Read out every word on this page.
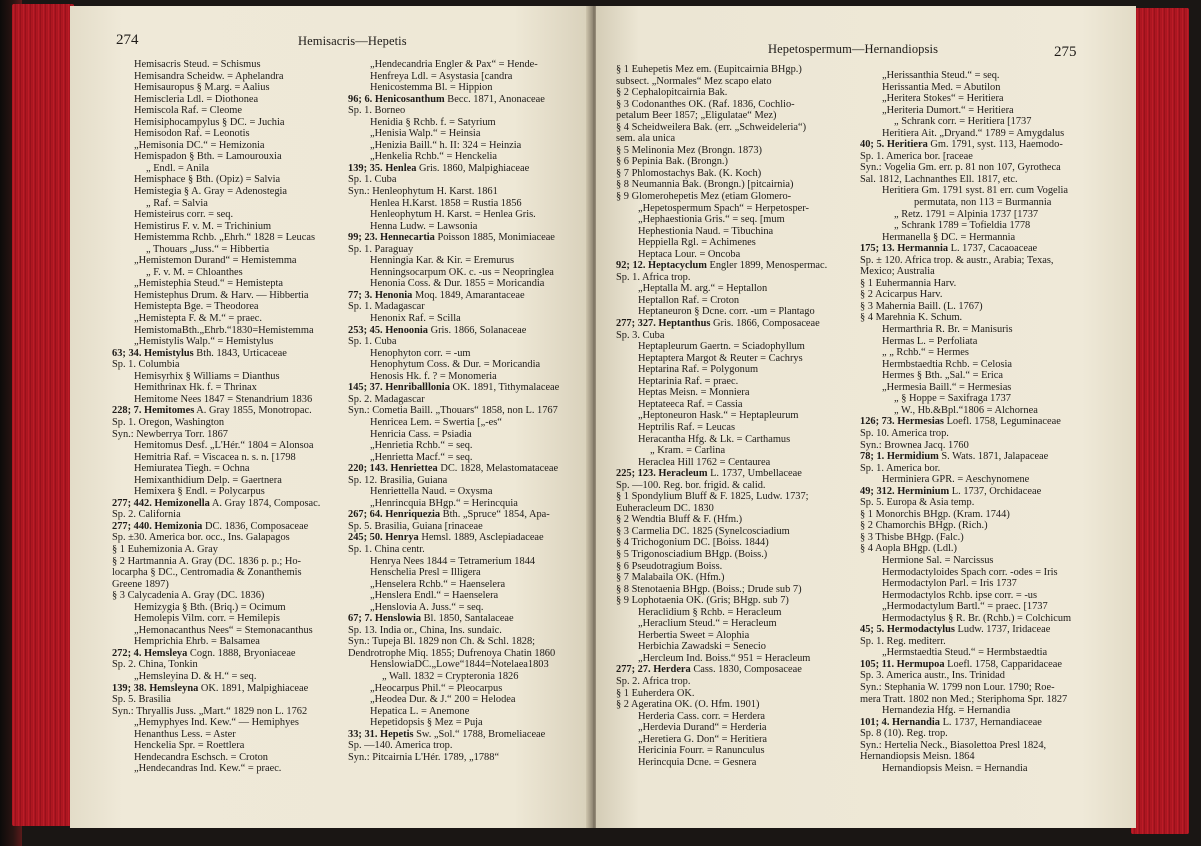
274	Hemisacris—Hepetis
Hemisacris Steud. = Schismus
Hemisandra Scheidw. = Aphelandra
Hemisauropus § M.arg. = Aalius
Hemiscleria Ldl. = Diothonea
Hemiscola Raf. = Cleome
Hemisiphocampylus § DC. = Juchia
Hemisodon Raf. = Leonotis
„Hemisonia DC.“ = Hemizonia
Hemispadon § Bth. = Lamourouxia
„ Endl. = Anila
Hemisphace § Bth. (Opiz) = Salvia
Hemistegia § A. Gray = Adenostegia
„ Raf. = Salvia
Hemisteirus corr. = seq.
Hemistirus F. v. M. = Trichinium
Hemistemma Rchb. „Ehrh.“ 1828 = Leucas
„ Thouars „Juss.“ = Hibbertia
„Hemistemon Durand“ = Hemistemma
„ F. v. M. = Chloanthes
„Hemistephia Steud.“ = Hemistepta
Hemistephus Drum. & Harv. — Hibbertia
Hemistepta Bge. = Theodorea
„Hemistepta F. & M.“ = praec.
HemistomaBth.„Ehrb.“1830=Hemistemma
„Hemistylis Walp.“ = Hemistylus
63; 34. Hemistylus Bth. 1843, Urticaceae
Sp. 1. Columbia
Hemisyrhix § Williams = Dianthus
Hemithrinax Hk. f. = Thrinax
Hemitome Nees 1847 = Stenandrium 1836
228; 7. Hemitomes A. Gray 1855, Monotropac.
Sp. 1. Oregon, Washington
Syn.: Newberrya Torr. 1867
Hemitomus Desf. „L'Hér.“ 1804 = Alonsoa
Hemitria Raf. = Viscacea n. s. n. [1798
Hemiuratea Tiegh. = Ochna
Hemixanthidium Delp. = Gaertnera
Hemixera § Endl. = Polycarpus
277; 442. Hemizonella A. Gray 1874, Composac.
Sp. 2. California
277; 440. Hemizonia DC. 1836, Composaceae
Sp. ±30. America bor. occ., Ins. Galapagos
§ 1 Euhemizonia A. Gray
§ 2 Hartmannia A. Gray (DC. 1836 p. p.; Ho-
locarpha § DC., Centromadia & Zonanthemis
Greene 1897)
§ 3 Calycadenia A. Gray (DC. 1836)
Hemizygia § Bth. (Briq.) = Ocimum
Hemolepis Vilm. corr. = Hemilepis
„Hemonacanthus Nees“ = Stemonacanthus
Hemprichia Ehrb. = Balsamea
272; 4. Hemsleya Cogn. 1888, Bryoniaceae
Sp. 2. China, Tonkin
„Hemsleyina D. & H.“ = seq.
139; 38. Hemsleyna OK. 1891, Malpighiaceae
Sp. 5. Brasilia
Syn.: Thryallis Juss. „Mart.“ 1829 non L. 1762
„Hemyphyes Ind. Kew.“ — Hemiphyes
Henanthus Less. = Aster
Henckelia Spr. = Roettlera
Hendecandra Eschsch. = Croton
„Hendecandras Ind. Kew.“ = praec.
„Hendecandria Engler & Pax“ = Hende-
Henfreya Ldl. = Asystasia [candra
Henicostemma Bl. = Hippion
96; 6. Henicosanthum Becc. 1871, Anonaceae
Sp. 1. Borneo
Henidia § Rchb. f. = Satyrium
„Henisia Walp.“ = Heinsia
„Henizia Baill.“ h. II: 324 = Heinzia
„Henkelia Rchb.“ = Henckelia
139; 35. Henlea Gris. 1860, Malpighiaceae
Sp. 1. Cuba
Syn.: Henleophytum H. Karst. 1861
Henlea H.Karst. 1858 = Rustia 1856
Henleophytum H. Karst. = Henlea Gris.
Henna Ludw. = Lawsonia
99; 23. Hennecartia Poisson 1885, Monimiaceae
Sp. 1. Paraguay
Henningia Kar. & Kir. = Eremurus
Henningsocarpum OK. c. -us = Neopringlea
Henonia Coss. & Dur. 1855 = Moricandia
77; 3. Henonia Moq. 1849, Amarantaceae
Sp. 1. Madagascar
Henonix Raf. = Scilla
253; 45. Henoonia Gris. 1866, Solanaceae
Sp. 1. Cuba
Henophyton corr. = -um
Henophytum Coss. & Dur. = Moricandia
Henosis Hk. f. ? = Monomeria
145; 37. Henriballlonia OK. 1891, Tithymalaceae
Sp. 2. Madagascar
Syn.: Cometia Baill. „Thouars“ 1858, non L. 1767
Henricea Lem. = Swertia [„-es“
Henricia Cass. = Psiadia
„Henrietia Rchb.“ = seq.
„Henrietta Macf.“ = seq.
220; 143. Henriettea DC. 1828, Melastomataceae
Sp. 12. Brasilia, Guiana
Henriettella Naud. = Oxysma
„Henrincquia BHgp.“ = Herincquia
267; 64. Henriquezia Bth. „Spruce“ 1854, Apa-
Sp. 5. Brasilia, Guiana [rinaceae
245; 50. Henrya Hemsl. 1889, Asclepiadaceae
Sp. 1. China centr.
Henrya Nees 1844 = Tetramerium 1844
Henschelia Presl = Illigera
„Henselera Rchb.“ = Haenselera
„Henslera Endl.“ = Haenselera
„Henslovia A. Juss.“ = seq.
67; 7. Henslowia Bl. 1850, Santalaceae
Sp. 13. India or., China, Ins. sundaic.
Syn.: Tupeja Bl. 1829 non Ch. & Schl. 1828;
Dendrotrophe Miq. 1855; Dufrenoya Chatin 1860
HenslowiaDC.„Lowe“1844=Notelaea1803
„ Wall. 1832 = Crypteronia 1826
„Heocarpus Phil.“ = Pleocarpus
„Heodea Dur. & J.“ 200 = Helodea
Hepatica L. = Anemone
Hepetidopsis § Mez = Puja
33; 31. Hepetis Sw. „Sol.“ 1788, Bromeliaceae
Sp. —140. America trop.
Syn.: Pitcairnia L'Hér. 1789, „1788“
Hepetospermum—Hernandiopsis	275
§ 1 Euhepetis Mez em. (Eupitcairnia BHgp.)
subsect. „Normales“ Mez scapo elato
§ 2 Cephalopitcairnia Bak.
§ 3 Codonanthes OK. (Raf. 1836, Cochlio-
petalum Beer 1857; „Eligulatae“ Mez)
§ 4 Scheidweilera Bak. (err. „Schweideleria“)
sem. ala unica
§ 5 Melinonia Mez (Brongn. 1873)
§ 6 Pepinia Bak. (Brongn.)
§ 7 Phlomostachys Bak. (K. Koch)
§ 8 Neumannia Bak. (Brongn.) [pitcairnia)
§ 9 Glomerohepetis Mez (etiam Glomero-
„Hepetospermum Spach“ = Herpetosper-
„Hephaestionia Gris.“ = seq. [mum
Hephestionia Naud. = Tibuchina
Heppiella Rgl. = Achimenes
Heptaca Lour. = Oncoba
92; 12. Heptacyclum Engler 1899, Menospermac.
Sp. 1. Africa trop.
„Heptalla M. arg.“ = Heptallon
Heptallon Raf. = Croton
Heptaneuron § Dcne. corr. -um = Plantago
277; 327. Heptanthus Gris. 1866, Composaceae
Sp. 3. Cuba
Heptapleurum Gaertn. = Sciadophyllum
Heptaptera Margot & Reuter = Cachrys
Heptarina Raf. = Polygonum
Heptarinia Raf. = praec.
Heptas Meisn. = Monniera
Heptateeca Raf. = Cassia
„Heptoneuron Hask.“ = Heptapleurum
Heptrilis Raf. = Leucas
Heracantha Hfg. & Lk. = Carthamus
„ Kram. = Carlina
Heraclea Hill 1762 = Centaurea
225; 123. Heracleum L. 1737, Umbellaceae
Sp. —100. Reg. bor. frigid. & calid.
§ 1 Spondylium Bluff & F. 1825, Ludw. 1737;
Euheracleum DC. 1830
§ 2 Wendtia Bluff & F. (Hfm.)
§ 3 Carmelia DC. 1825 (Synelcosciadium
§ 4 Trichogonium DC. [Boiss. 1844)
§ 5 Trigonosciadium BHgp. (Boiss.)
§ 6 Pseudotragium Boiss.
§ 7 Malabaila OK. (Hfm.)
§ 8 Stenotaenia BHgp. (Boiss.; Drude sub 7)
§ 9 Lophotaenia OK. (Gris; BHgp. sub 7)
Heraclidium § Rchb. = Heracleum
„Heraclium Steud.“ = Heracleum
Herbertia Sweet = Alophia
Herbichia Zawadski = Senecio
„Hercleum Ind. Boiss.“ 951 = Heracleum
277; 27. Herdera Cass. 1830, Composaceae
Sp. 2. Africa trop.
§ 1 Euherdera OK.
§ 2 Ageratina OK. (O. Hfm. 1901)
Herderia Cass. corr. = Herdera
„Herdevia Durand“ = Herderia
„Heretiera G. Don“ = Heritiera
Hericinia Fourr. = Ranunculus
Herincquia Dcne. = Gesnera
„Herissanthia Steud.“ = seq.
Herissantia Med. = Abutilon
„Heritera Stokes“ = Heritiera
„Heriteria Dumort.“ = Heritiera
„ Schrank corr. = Heritiera [1737
Heritiera Ait. „Dryand.“ 1789 = Amygdalus
40; 5. Heritiera Gm. 1791, syst. 113, Haemodo-
Sp. 1. America bor. [raceae
Syn.: Vogelia Gm. err. p. 81 non 107, Gyrotheca
Sal. 1812, Lachnanthes Ell. 1817, etc.
Heritiera Gm. 1791 syst. 81 err. cum Vogelia
permutata, non 113 = Burmannia
„ Retz. 1791 = Alpinia 1737 [1737
„ Schrank 1789 = Tofieldia 1778
Hermanella § DC. = Hermannia
175; 13. Hermannia L. 1737, Cacaoaceae
Sp. ± 120. Africa trop. & austr., Arabia; Texas,
Mexico; Australia
§ 1 Euhermannia Harv.
§ 2 Acicarpus Harv.
§ 3 Mahernia Baill. (L. 1767)
§ 4 Marehnia K. Schum.
Hermarthria R. Br. = Manisuris
Hermas L. = Perfoliata
„ „ Rchb.“ = Hermes
Hermbstaedtia Rchb. = Celosia
Hermes § Bth. „Sal.“ = Erica
„Hermesia Baill.“ = Hermesias
„ § Hoppe = Saxifraga 1737
„ W., Hb.&Bpl.“1806 = Alchornea
126; 73. Hermesias Loefl. 1758, Leguminaceae
Sp. 10. America trop.
Syn.: Brownea Jacq. 1760
78; 1. Hermidium S. Wats. 1871, Jalapaceae
Sp. 1. America bor.
Herminiera GPR. = Aeschynomene
49; 312. Herminium L. 1737, Orchidaceae
Sp. 5. Europa & Asia temp.
§ 1 Monorchis BHgp. (Kram. 1744)
§ 2 Chamorchis BHgp. (Rich.)
§ 3 Thisbe BHgp. (Falc.)
§ 4 Aopla BHgp. (Ldl.)
Hermione Sal. = Narcissus
Hermodactyloides Spach corr. -odes = Iris
Hermodactylon Parl. = Iris 1737
Hermodactylos Rchb. ipse corr. = -us
„Hermodactylum Bartl.“ = praec. [1737
Hermodactylus § R. Br. (Rchb.) = Colchicum
45; 5. Hermodactylus Ludw. 1737, Iridaceae
Sp. 1. Reg. mediterr.
„Hermstaedtia Steud.“ = Hermbstaedtia
105; 11. Hermupoa Loefl. 1758, Capparidaceae
Sp. 3. America austr., Ins. Trinidad
Syn.: Stephania W. 1799 non Lour. 1790; Roe-
mera Tratt. 1802 non Med.; Steriphoma Spr. 1827
Hernandezia Hfg. = Hernandia
101; 4. Hernandia L. 1737, Hernandiaceae
Sp. 8 (10). Reg. trop.
Syn.: Hertelia Neck., Biasolettoa Presl 1824,
Hernandiopsis Meisn. 1864
Hernandiopsis Meisn. = Hernandia
